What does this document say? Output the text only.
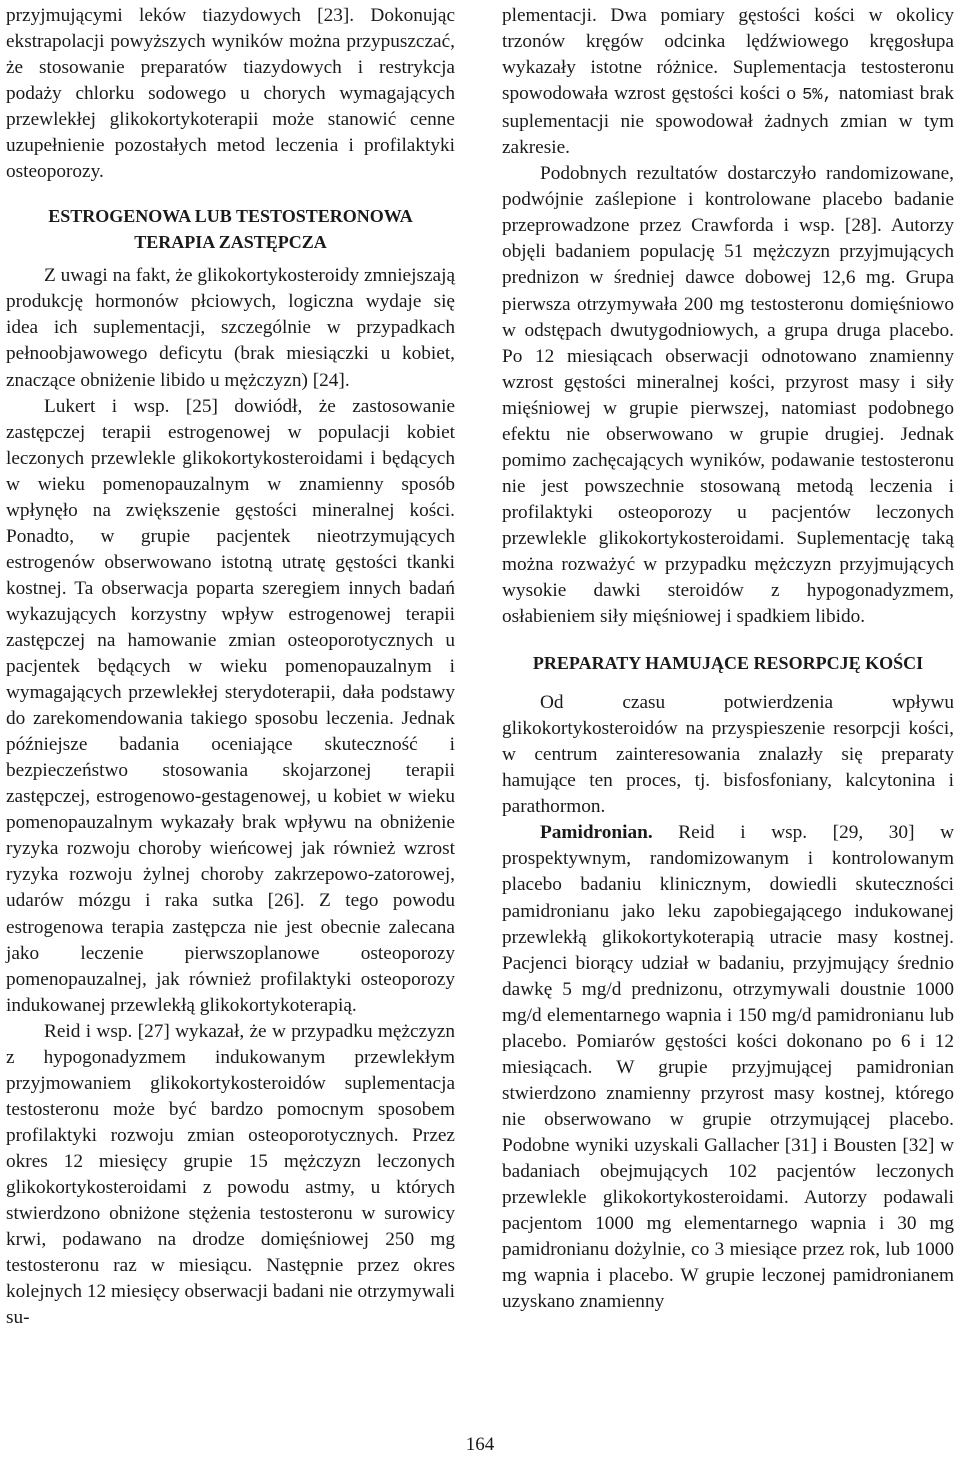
przyjmującymi leków tiazydowych [23]. Dokonując ekstrapolacji powyższych wyników można przypuszczać, że stosowanie preparatów tiazydowych i restrykcja podaży chlorku sodowego u chorych wymagających przewlekłej glikokortykoterapii może stanowić cenne uzupełnienie pozostałych metod leczenia i profilaktyki osteoporozy.

ESTROGENOWA LUB TESTOSTERONOWA
TERAPIA ZASTĘPCZA

Z uwagi na fakt, że glikokortykosteroidy zmniejszają produkcję hormonów płciowych, logiczna wydaje się idea ich suplementacji, szczególnie w przypadkach pełnoobjawowego deficytu (brak miesiączki u kobiet, znaczące obniżenie libido u mężczyzn) [24].

Lukert i wsp. [25] dowiódł, że zastosowanie zastępczej terapii estrogenowej w populacji kobiet leczonych przewlekle glikokortykosteroidami i będących w wieku pomenopauzalnym w znamienny sposób wpłynęło na zwiększenie gęstości mineralnej kości. Ponadto, w grupie pacjentek nieotrzymujących estrogenów obserwowano istotną utratę gęstości tkanki kostnej. Ta obserwacja poparta szeregiem innych badań wykazujących korzystny wpływ estrogenowej terapii zastępczej na hamowanie zmian osteoporotycznych u pacjentek będących w wieku pomenopauzalnym i wymagających przewlekłej sterydoterapii, dała podstawy do zarekomendowania takiego sposobu leczenia. Jednak późniejsze badania oceniające skuteczność i bezpieczeństwo stosowania skojarzonej terapii zastępczej, estrogenowo-gestagenowej, u kobiet w wieku pomenopauzalnym wykazały brak wpływu na obniżenie ryzyka rozwoju choroby wieńcowej jak również wzrost ryzyka rozwoju żylnej choroby zakrzepowo-zatorowej, udarów mózgu i raka sutka [26]. Z tego powodu estrogenowa terapia zastępcza nie jest obecnie zalecana jako leczenie pierwszoplanowe osteoporozy pomenopauzalnej, jak również profilaktyki osteoporozy indukowanej przewlekłą glikokortykoterapią.

Reid i wsp. [27] wykazał, że w przypadku mężczyzn z hypogonadyzmem indukowanym przewlekłym przyjmowaniem glikokortykosteroidów suplementacja testosteronu może być bardzo pomocnym sposobem profilaktyki rozwoju zmian osteoporotycznych. Przez okres 12 miesięcy grupie 15 mężczyzn leczonych glikokortykosteroidami z powodu astmy, u których stwierdzono obniżone stężenia testosteronu w surowicy krwi, podawano na drodze domięśniowej 250 mg testosteronu raz w miesiącu. Następnie przez okres kolejnych 12 miesięcy obserwacji badani nie otrzymywali su-

plementacji. Dwa pomiary gęstości kości w okolicy trzonów kręgów odcinka lędźwiowego kręgosłupa wykazały istotne różnice. Suplementacja testosteronu spowodowała wzrost gęstości kości o 5%, natomiast brak suplementacji nie spowodował żadnych zmian w tym zakresie.

Podobnych rezultatów dostarczyło randomizowane, podwójnie zaślepione i kontrolowane placebo badanie przeprowadzone przez Crawforda i wsp. [28]. Autorzy objęli badaniem populację 51 mężczyzn przyjmujących prednizon w średniej dawce dobowej 12,6 mg. Grupa pierwsza otrzymywała 200 mg testosteronu domięśniowo w odstępach dwutygodniowych, a grupa druga placebo. Po 12 miesiącach obserwacji odnotowano znamienny wzrost gęstości mineralnej kości, przyrost masy i siły mięśniowej w grupie pierwszej, natomiast podobnego efektu nie obserwowano w grupie drugiej. Jednak pomimo zachęcających wyników, podawanie testosteronu nie jest powszechnie stosowaną metodą leczenia i profilaktyki osteoporozy u pacjentów leczonych przewlekle glikokortykosteroidami. Suplementację taką można rozważyć w przypadku mężczyzn przyjmujących wysokie dawki steroidów z hypogonadyzmem, osłabieniem siły mięśniowej i spadkiem libido.

PREPARATY HAMUJĄCE RESORPCJĘ KOŚCI

Od czasu potwierdzenia wpływu glikokortykosteroidów na przyspieszenie resorpcji kości, w centrum zainteresowania znalazły się preparaty hamujące ten proces, tj. bisfosfoniany, kalcytonina i parathormon.

Pamidronian. Reid i wsp. [29, 30] w prospektywnym, randomizowanym i kontrolowanym placebo badaniu klinicznym, dowiedli skuteczności pamidronianu jako leku zapobiegającego indukowanej przewlekłą glikokortykoterapią utracie masy kostnej. Pacjenci biorący udział w badaniu, przyjmujący średnio dawkę 5 mg/d prednizonu, otrzymywali doustnie 1000 mg/d elementarnego wapnia i 150 mg/d pamidronianu lub placebo. Pomiarów gęstości kości dokonano po 6 i 12 miesiącach. W grupie przyjmującej pamidronian stwierdzono znamienny przyrost masy kostnej, którego nie obserwowano w grupie otrzymującej placebo. Podobne wyniki uzyskali Gallacher [31] i Bousten [32] w badaniach obejmujących 102 pacjentów leczonych przewlekle glikokortykosteroidami. Autorzy podawali pacjentom 1000 mg elementarnego wapnia i 30 mg pamidronianu dożylnie, co 3 miesiące przez rok, lub 1000 mg wapnia i placebo. W grupie leczonej pamidronianem uzyskano znamienny

164
